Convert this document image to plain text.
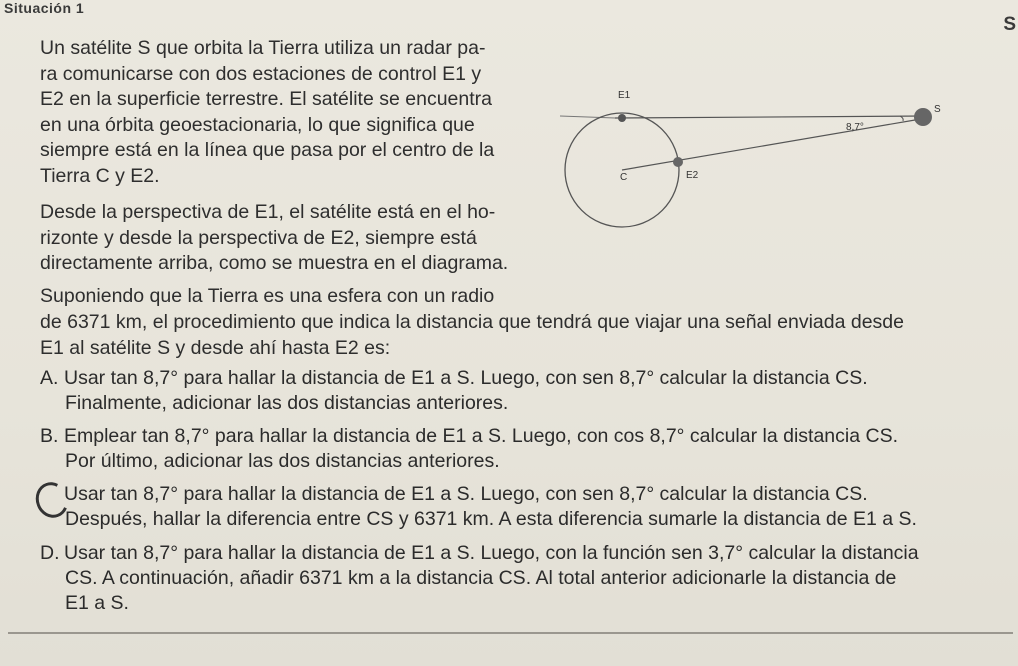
Situación 1
S
Un satélite S que orbita la Tierra utiliza un radar pa-
ra comunicarse con dos estaciones de control E1 y
E2 en la superficie terrestre. El satélite se encuentra
en una órbita geoestacionaria, lo que significa que
siempre está en la línea que pasa por el centro de la
Tierra C y E2.
Desde la perspectiva de E1, el satélite está en el ho-
rizonte y desde la perspectiva de E2, siempre está
directamente arriba, como se muestra en el diagrama.
Suponiendo que la Tierra es una esfera con un radio
de 6371 km, el procedimiento que indica la distancia que tendrá que viajar una señal enviada desde
E1 al satélite S y desde ahí hasta E2 es:
E1
S
8,7°
C	E2
A. Usar tan 8,7° para hallar la distancia de E1 a S. Luego, con sen 8,7° calcular la distancia CS.
Finalmente, adicionar las dos distancias anteriores.
B. Emplear tan 8,7° para hallar la distancia de E1 a S. Luego, con cos 8,7° calcular la distancia CS.
Por último, adicionar las dos distancias anteriores.
Usar tan 8,7° para hallar la distancia de E1 a S. Luego, con sen 8,7° calcular la distancia CS.
Después, hallar la diferencia entre CS y 6371 km. A esta diferencia sumarle la distancia de E1 a S.
D. Usar tan 8,7° para hallar la distancia de E1 a S. Luego, con la función sen 3,7° calcular la distancia
CS. A continuación, añadir 6371 km a la distancia CS. Al total anterior adicionarle la distancia de
E1 a S.
